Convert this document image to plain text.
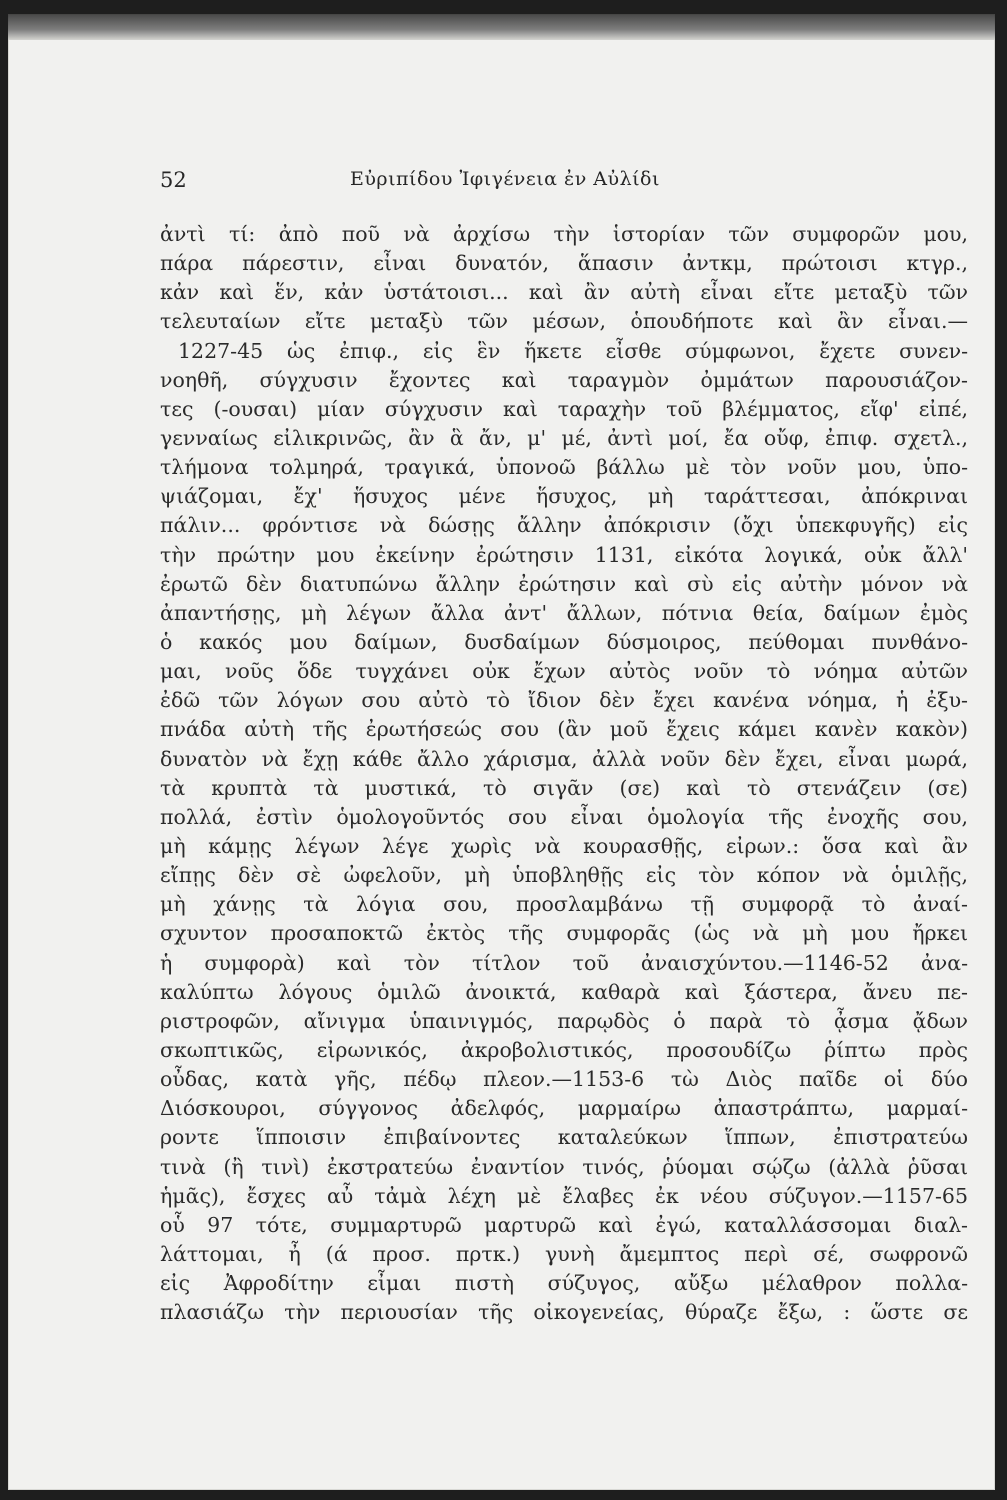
52	Εὐριπίδου Ἰφιγένεια ἐν Αὐλίδι
ἀντὶ τί: ἀπὸ ποῦ νὰ ἀρχίσω τὴν ἱστορίαν τῶν συμφορῶν μου,
πάρα πάρεστιν, εἶναι δυνατόν, ἅπασιν ἀντκμ, πρώτοισι κτγρ.,
κἀν καὶ ἕν, κἀν ὑστάτοισι... καὶ ἂν αὐτὴ εἶναι εἴτε μεταξὺ τῶν
τελευταίων εἴτε μεταξὺ τῶν μέσων, ὁπουδήποτε καὶ ἂν εἶναι.—
1227-45 ὡς ἐπιφ., εἰς ἓν ἥκετε εἶσθε σύμφωνοι, ἔχετε συνεν-
νοηθῆ, σύγχυσιν ἔχοντες καὶ ταραγμὸν ὀμμάτων παρουσιάζον-
τες (-ουσαι) μίαν σύγχυσιν καὶ ταραχὴν τοῦ βλέμματος, εἴφ' εἰπέ,
γενναίως εἰλικρινῶς, ἂν ἃ ἄν, μ' μέ, ἀντὶ μοί, ἔα οὔφ, ἐπιφ. σχετλ.,
τλήμονα τολμηρά, τραγικά, ὑπονοῶ βάλλω μὲ τὸν νοῦν μου, ὑπο-
ψιάζομαι, ἔχ' ἥσυχος μένε ἥσυχος, μὴ ταράττεσαι, ἀπόκριναι
πάλιν... φρόντισε νὰ δώσῃς ἄλλην ἀπόκρισιν (ὄχι ὑπεκφυγῆς) εἰς
τὴν πρώτην μου ἐκείνην ἐρώτησιν 1131, εἰκότα λογικά, οὐκ ἄλλ'
ἐρωτῶ δὲν διατυπώνω ἄλλην ἐρώτησιν καὶ σὺ εἰς αὐτὴν μόνον νὰ
ἀπαντήσῃς, μὴ λέγων ἄλλα ἀντ' ἄλλων, πότνια θεία, δαίμων ἐμὸς
ὁ κακός μου δαίμων, δυσδαίμων δύσμοιρος, πεύθομαι πυνθάνο-
μαι, νοῦς ὅδε τυγχάνει οὐκ ἔχων αὐτὸς νοῦν τὸ νόημα αὐτῶν
ἐδῶ τῶν λόγων σου αὐτὸ τὸ ἴδιον δὲν ἔχει κανένα νόημα, ἡ ἐξυ-
πνάδα αὐτὴ τῆς ἐρωτήσεώς σου (ἂν μοῦ ἔχεις κάμει κανὲν κακὸν)
δυνατὸν νὰ ἔχῃ κάθε ἄλλο χάρισμα, ἀλλὰ νοῦν δὲν ἔχει, εἶναι μωρά,
τὰ κρυπτὰ τὰ μυστικά, τὸ σιγᾶν (σε) καὶ τὸ στενάζειν (σε)
πολλά, ἐστὶν ὁμολογοῦντός σου εἶναι ὁμολογία τῆς ἐνοχῆς σου,
μὴ κάμῃς λέγων λέγε χωρὶς νὰ κουρασθῇς, εἰρων.: ὅσα καὶ ἂν
εἴπῃς δὲν σὲ ὠφελοῦν, μὴ ὑποβληθῇς εἰς τὸν κόπον νὰ ὁμιλῇς,
μὴ χάνῃς τὰ λόγια σου, προσλαμβάνω τῇ συμφορᾷ τὸ ἀναί-
σχυντον προσαποκτῶ ἐκτὸς τῆς συμφορᾶς (ὡς νὰ μὴ μου ἤρκει
ἡ συμφορὰ) καὶ τὸν τίτλον τοῦ ἀναισχύντου.—1146-52 ἀνα-
καλύπτω λόγους ὁμιλῶ ἀνοικτά, καθαρὰ καὶ ξάστερα, ἄνευ πε-
ριστροφῶν, αἴνιγμα ὑπαινιγμός, παρῳδὸς ὁ παρὰ τὸ ᾆσμα ᾄδων
σκωπτικῶς, εἰρωνικός, ἀκροβολιστικός, προσουδίζω ῥίπτω πρὸς
οὖδας, κατὰ γῆς, πέδῳ πλεον.—1153-6 τὼ Διὸς παῖδε οἱ δύο
Διόσκουροι, σύγγονος ἀδελφός, μαρμαίρω ἀπαστράπτω, μαρμαί-
ροντε ἵπποισιν ἐπιβαίνοντες καταλεύκων ἵππων, ἐπιστρατεύω
τινὰ (ἢ τινὶ) ἐκστρατεύω ἐναντίον τινός, ῥύομαι σῴζω (ἀλλὰ ῥῦσαι
ἡμᾶς), ἔσχες αὖ τἀμὰ λέχη μὲ ἔλαβες ἐκ νέου σύζυγον.—1157-65
οὗ 97 τότε, συμμαρτυρῶ μαρτυρῶ καὶ ἐγώ, καταλλάσσομαι διαλ-
λάττομαι, ἦ (ά προσ. πρτκ.) γυνὴ ἄμεμπτος περὶ σέ, σωφρονῶ
εἰς Ἀφροδίτην εἶμαι πιστὴ σύζυγος, αὔξω μέλαθρον πολλα-
πλασιάζω τὴν περιουσίαν τῆς οἰκογενείας, θύραζε ἔξω, : ὥστε σε
